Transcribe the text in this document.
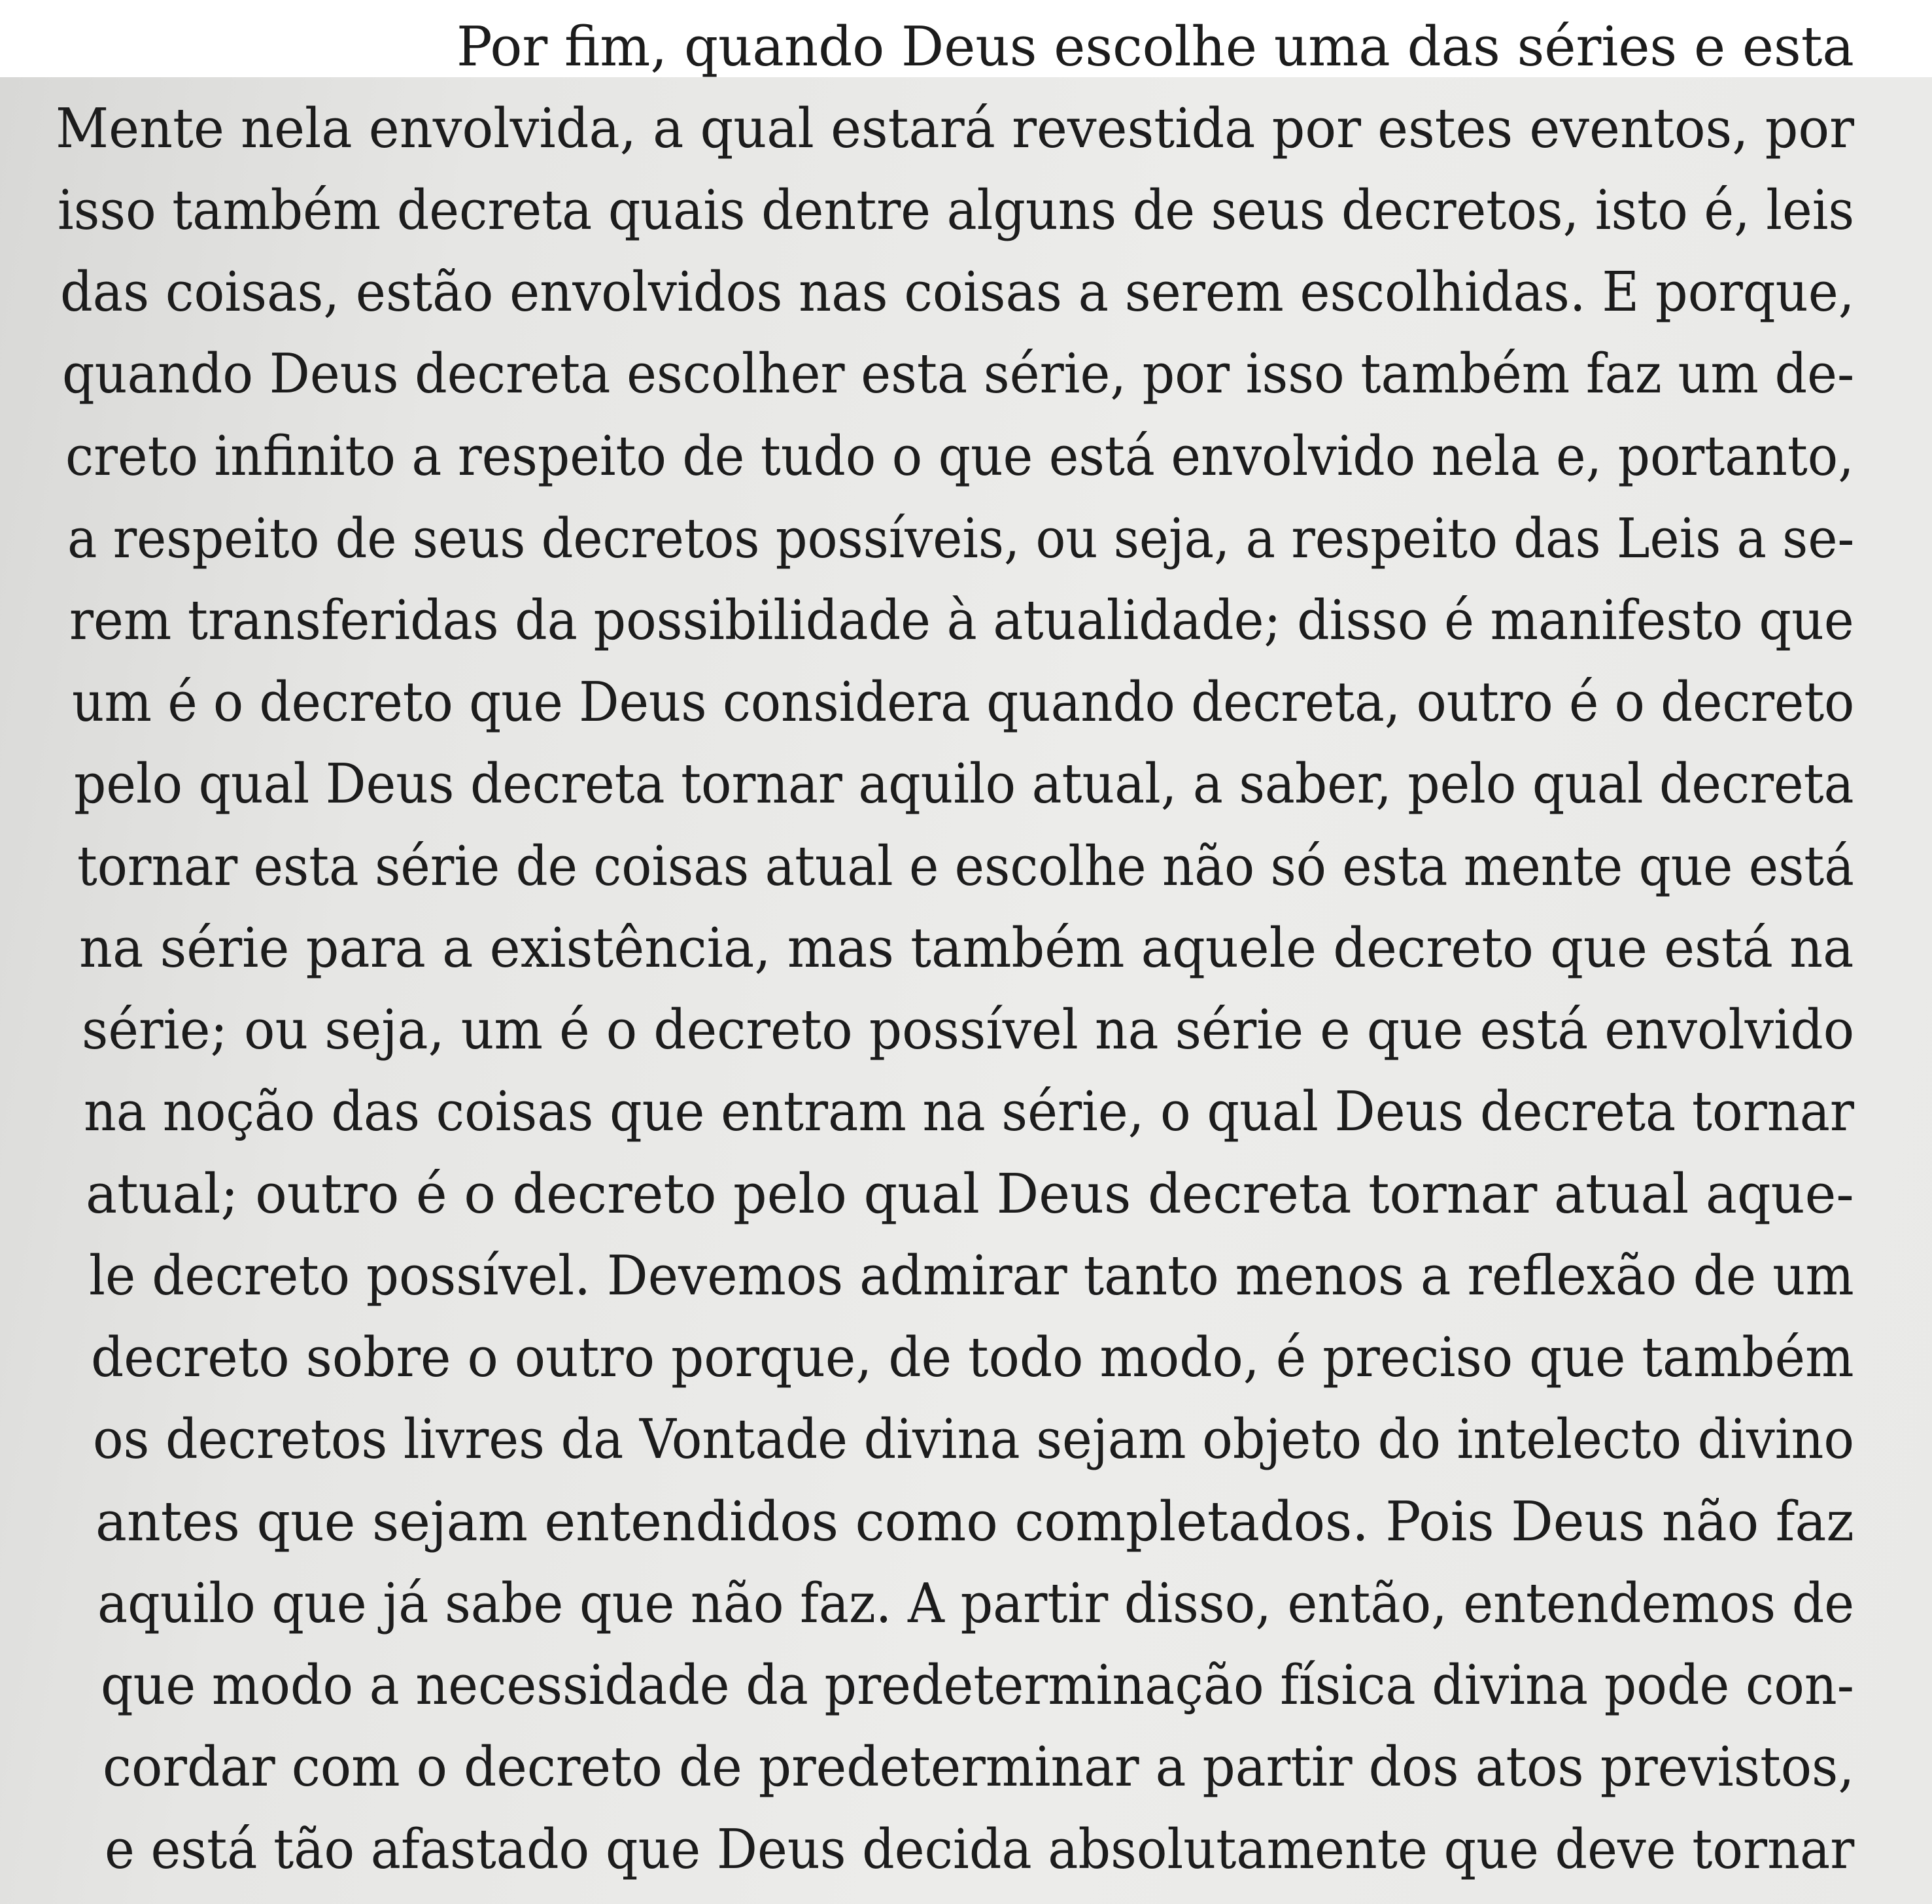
Por fim, quando Deus escolhe uma das séries e esta
Mente nela envolvida, a qual estará revestida por estes eventos, por
isso também decreta quais dentre alguns de seus decretos, isto é, leis
das coisas, estão envolvidos nas coisas a serem escolhidas. E porque,
quando Deus decreta escolher esta série, por isso também faz um de-
creto infinito a respeito de tudo o que está envolvido nela e, portanto,
a respeito de seus decretos possíveis, ou seja, a respeito das Leis a se-
rem transferidas da possibilidade à atualidade; disso é manifesto que
um é o decreto que Deus considera quando decreta, outro é o decreto
pelo qual Deus decreta tornar aquilo atual, a saber, pelo qual decreta
tornar esta série de coisas atual e escolhe não só esta mente que está
na série para a existência, mas também aquele decreto que está na
série; ou seja, um é o decreto possível na série e que está envolvido
na noção das coisas que entram na série, o qual Deus decreta tornar
atual; outro é o decreto pelo qual Deus decreta tornar atual aque-
le decreto possível. Devemos admirar tanto menos a reflexão de um
decreto sobre o outro porque, de todo modo, é preciso que também
os decretos livres da Vontade divina sejam objeto do intelecto divino
antes que sejam entendidos como completados. Pois Deus não faz
aquilo que já sabe que não faz. A partir disso, então, entendemos de
que modo a necessidade da predeterminação física divina pode con-
cordar com o decreto de predeterminar a partir dos atos previstos,
e está tão afastado que Deus decida absolutamente que deve tornar
